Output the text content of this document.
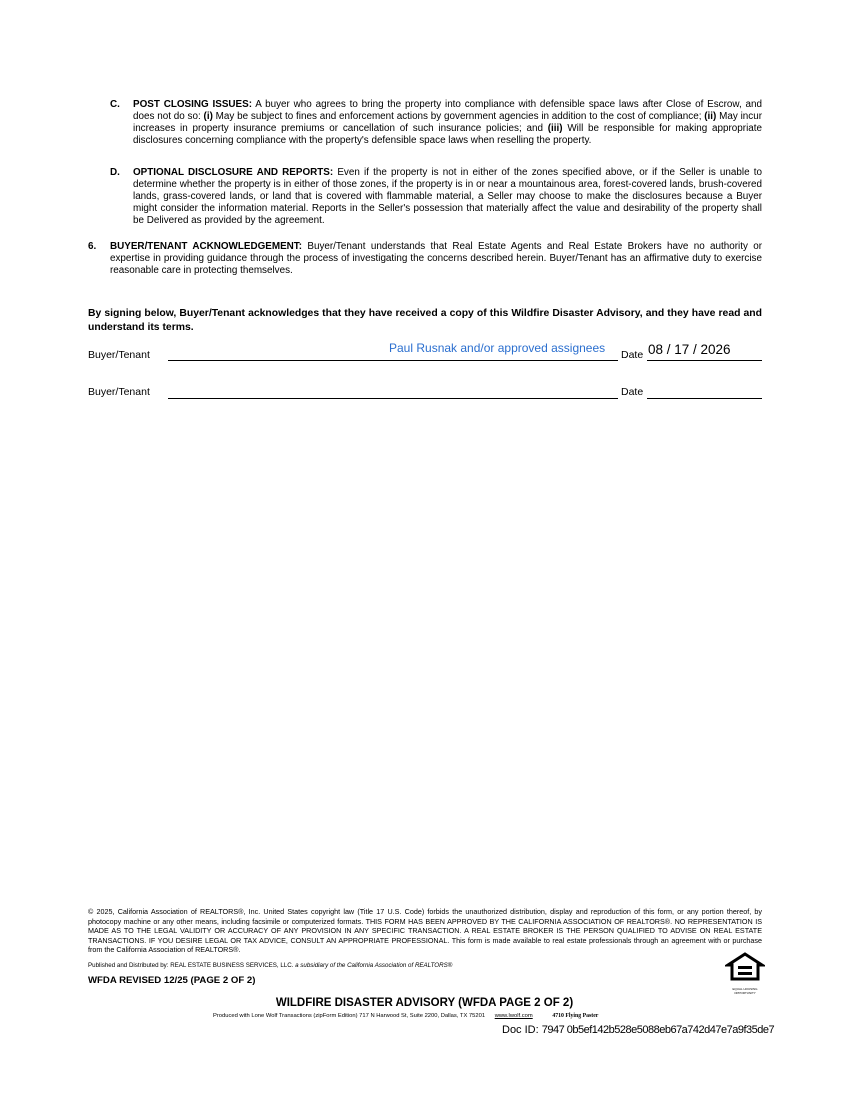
C. POST CLOSING ISSUES: A buyer who agrees to bring the property into compliance with defensible space laws after Close of Escrow, and does not do so: (i) May be subject to fines and enforcement actions by government agencies in addition to the cost of compliance; (ii) May incur increases in property insurance premiums or cancellation of such insurance policies; and (iii) Will be responsible for making appropriate disclosures concerning compliance with the property's defensible space laws when reselling the property.
D. OPTIONAL DISCLOSURE AND REPORTS: Even if the property is not in either of the zones specified above, or if the Seller is unable to determine whether the property is in either of those zones, if the property is in or near a mountainous area, forest-covered lands, brush-covered lands, grass-covered lands, or land that is covered with flammable material, a Seller may choose to make the disclosures because a Buyer might consider the information material. Reports in the Seller's possession that materially affect the value and desirability of the property shall be Delivered as provided by the agreement.
6. BUYER/TENANT ACKNOWLEDGEMENT: Buyer/Tenant understands that Real Estate Agents and Real Estate Brokers have no authority or expertise in providing guidance through the process of investigating the concerns described herein. Buyer/Tenant has an affirmative duty to exercise reasonable care in protecting themselves.
By signing below, Buyer/Tenant acknowledges that they have received a copy of this Wildfire Disaster Advisory, and they have read and understand its terms.
Buyer/Tenant	Paul Rusnak and/or approved assignees Date 08 / 17 / 2026
Buyer/Tenant	Date
© 2025, California Association of REALTORS®, Inc. United States copyright law (Title 17 U.S. Code) forbids the unauthorized distribution, display and reproduction of this form, or any portion thereof, by photocopy machine or any other means, including facsimile or computerized formats. THIS FORM HAS BEEN APPROVED BY THE CALIFORNIA ASSOCIATION OF REALTORS®. NO REPRESENTATION IS MADE AS TO THE LEGAL VALIDITY OR ACCURACY OF ANY PROVISION IN ANY SPECIFIC TRANSACTION. A REAL ESTATE BROKER IS THE PERSON QUALIFIED TO ADVISE ON REAL ESTATE TRANSACTIONS. IF YOU DESIRE LEGAL OR TAX ADVICE, CONSULT AN APPROPRIATE PROFESSIONAL. This form is made available to real estate professionals through an agreement with or purchase from the California Association of REALTORS®.
Published and Distributed by: REAL ESTATE BUSINESS SERVICES, LLC. a subsidiary of the California Association of REALTORS®
WFDA REVISED 12/25 (PAGE 2 OF 2)
EQUAL HOUSING OPPORTUNITY
WILDFIRE DISASTER ADVISORY (WFDA PAGE 2 OF 2)
Produced with Lone Wolf Transactions (zipForm Edition) 717 N Harwood St, Suite 2200, Dallas, TX 75201 www.lwolf.com	4710 Flying Paster
Doc ID: 7947 0b5ef142b528e5088eb67a742d47e7a9f35de7
